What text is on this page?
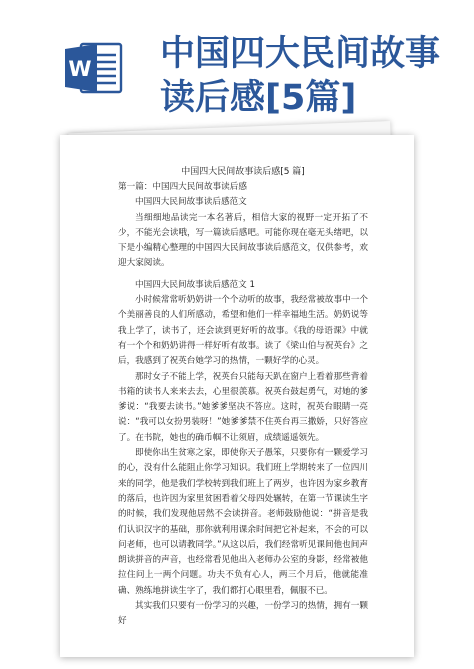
W 中国四大民间故事
读后感[5篇]

中国四大民间故事读后感[5 篇]

第一篇：中国四大民间故事读后感

中国四大民间故事读后感范文

当细细地品读完一本名著后，相信大家的视野一定开拓了不少，不能光会读哦，写一篇读后感吧。可能你现在毫无头绪吧，以下是小编精心整理的中国四大民间故事读后感范文，仅供参考，欢迎大家阅读。

中国四大民间故事读后感范文 1

小时候常常听奶奶讲一个个动听的故事，我经常被故事中一个个美丽善良的人们所感动，希望和他们一样幸福地生活。奶奶说等我上学了，读书了，还会读到更好听的故事。《我的母语课》中就有一个个和奶奶讲得一样好听有故事。读了《梁山伯与祝英台》之后，我感到了祝英台她学习的热情，一颗好学的心灵。

那时女子不能上学，祝英台只能每天趴在窗户上看着那些背着书箱的读书人来来去去，心里很羡慕。祝英台鼓起勇气，对她的爹爹说：“我要去读书。”她爹爹坚决不答应。这时，祝英台眼睛一亮说：“我可以女扮男装呀！”她爹爹禁不住英台再三撒娇，只好答应了。在书院，她也的确币帼不让须眉，成绩遥遥领先。

即使你出生贫寒之家，即使你天子愚笨，只要你有一颗爱学习的心，没有什么能阻止你学习知识。我们班上学期转来了一位四川来的同学，他是我们学校转到我们班上了两岁，也许因为家乡教育的落后，也许因为家里贫困看着父母四处辗转，在第一节课读生字的时候，我们发现他居然不会读拼音。老师鼓励他说：“拼音是我们认识汉字的基础，那你就利用课余时间把它补起来，不会的可以问老师，也可以请教同学。”从这以后，我们经常听见课间他也间声朗读拼音的声音，也经常看见他出入老师办公室的身影，经常被他拉住问上一两个问题。功夫不负有心人，两三个月后，他就能准确、熟练地拼读生字了，我们都打心眼里看，佩服不已。

其实我们只要有一份学习的兴趣，一份学习的热情，拥有一颗好
